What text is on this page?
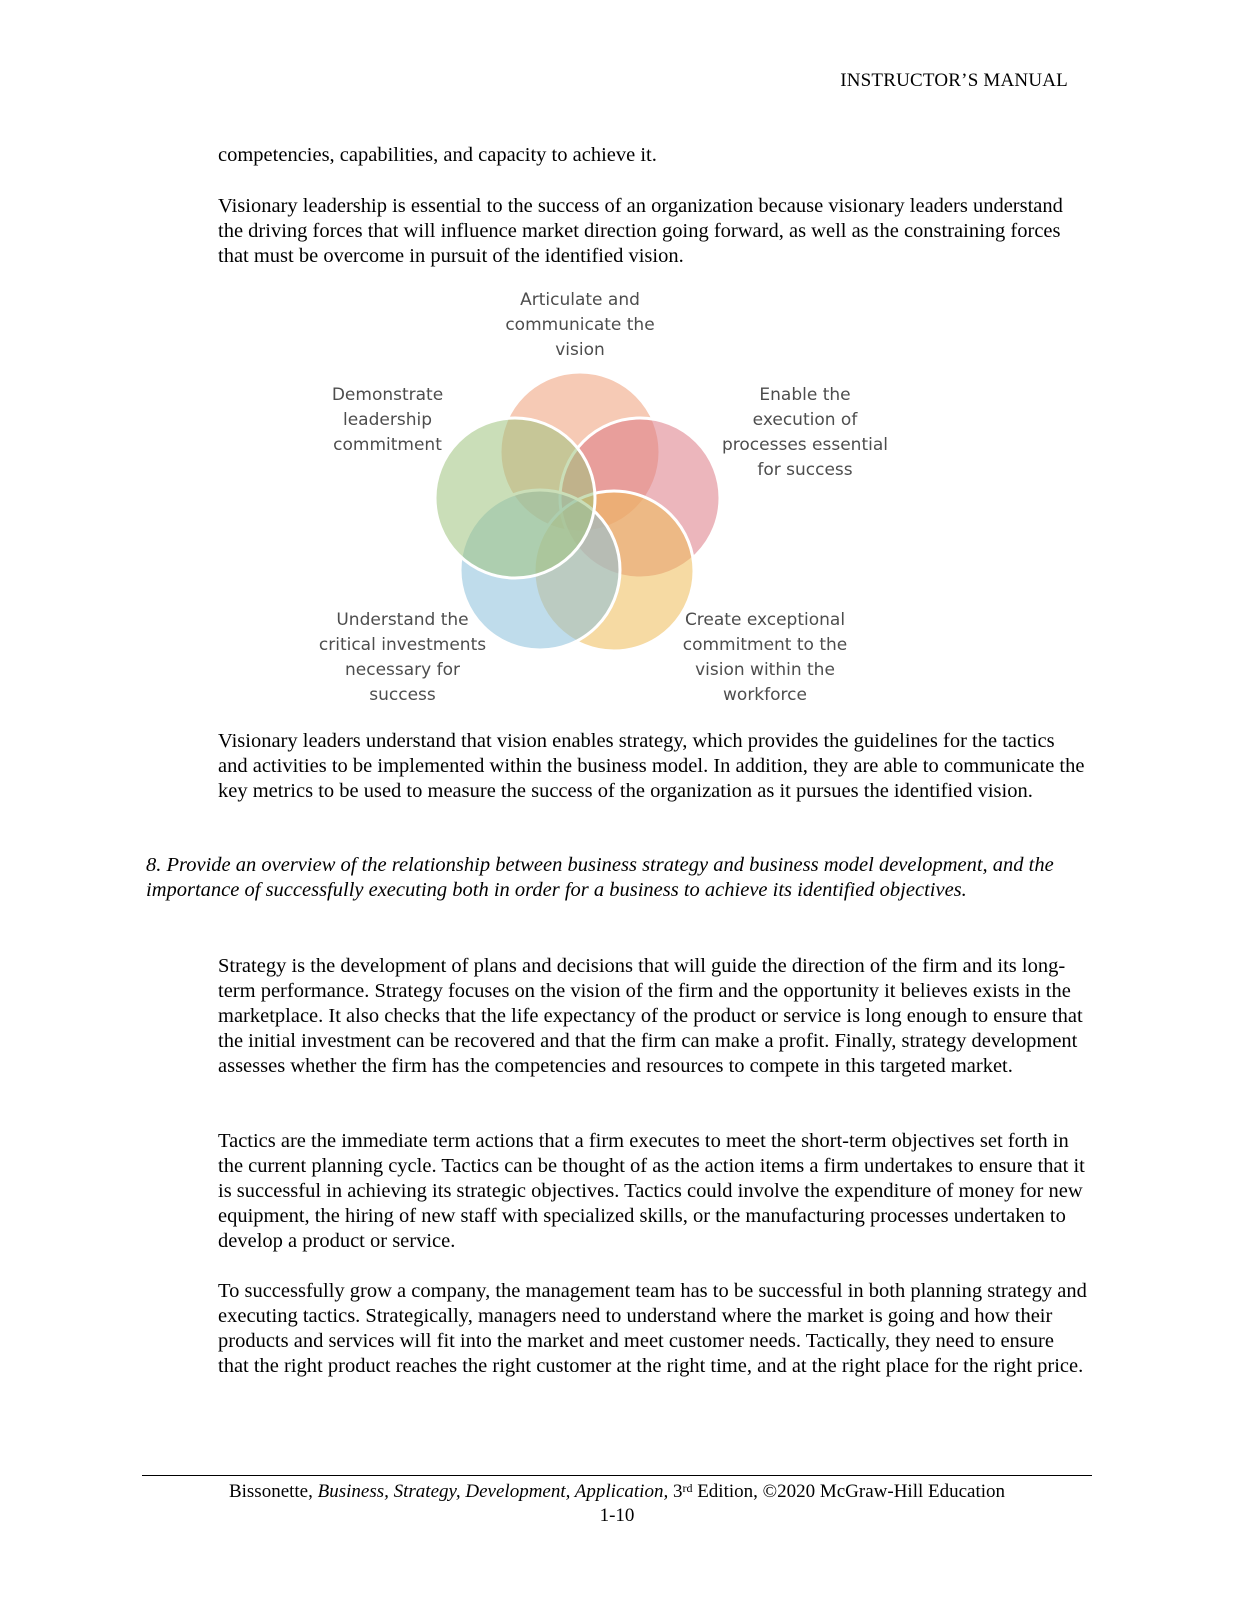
INSTRUCTOR’S MANUAL

competencies, capabilities, and capacity to achieve it.

Visionary leadership is essential to the success of an organization because visionary leaders understand the driving forces that will influence market direction going forward, as well as the constraining forces that must be overcome in pursuit of the identified vision.

Articulate and
communicate the
vision
Enable the
execution of
processes essential
for success
Demonstrate
leadership
commitment
Understand the
critical investments
necessary for
success
Create exceptional
commitment to the
vision within the
workforce

Visionary leaders understand that vision enables strategy, which provides the guidelines for the tactics and activities to be implemented within the business model. In addition, they are able to communicate the key metrics to be used to measure the success of the organization as it pursues the identified vision.

8. Provide an overview of the relationship between business strategy and business model development, and the importance of successfully executing both in order for a business to achieve its identified objectives.

Strategy is the development of plans and decisions that will guide the direction of the firm and its long-term performance. Strategy focuses on the vision of the firm and the opportunity it believes exists in the marketplace. It also checks that the life expectancy of the product or service is long enough to ensure that the initial investment can be recovered and that the firm can make a profit. Finally, strategy development assesses whether the firm has the competencies and resources to compete in this targeted market.

Tactics are the immediate term actions that a firm executes to meet the short-term objectives set forth in the current planning cycle. Tactics can be thought of as the action items a firm undertakes to ensure that it is successful in achieving its strategic objectives. Tactics could involve the expenditure of money for new equipment, the hiring of new staff with specialized skills, or the manufacturing processes undertaken to develop a product or service.

To successfully grow a company, the management team has to be successful in both planning strategy and executing tactics. Strategically, managers need to understand where the market is going and how their products and services will fit into the market and meet customer needs. Tactically, they need to ensure that the right product reaches the right customer at the right time, and at the right place for the right price.

Bissonette, Business, Strategy, Development, Application, 3rd Edition, ©2020 McGraw-Hill Education
1-10
